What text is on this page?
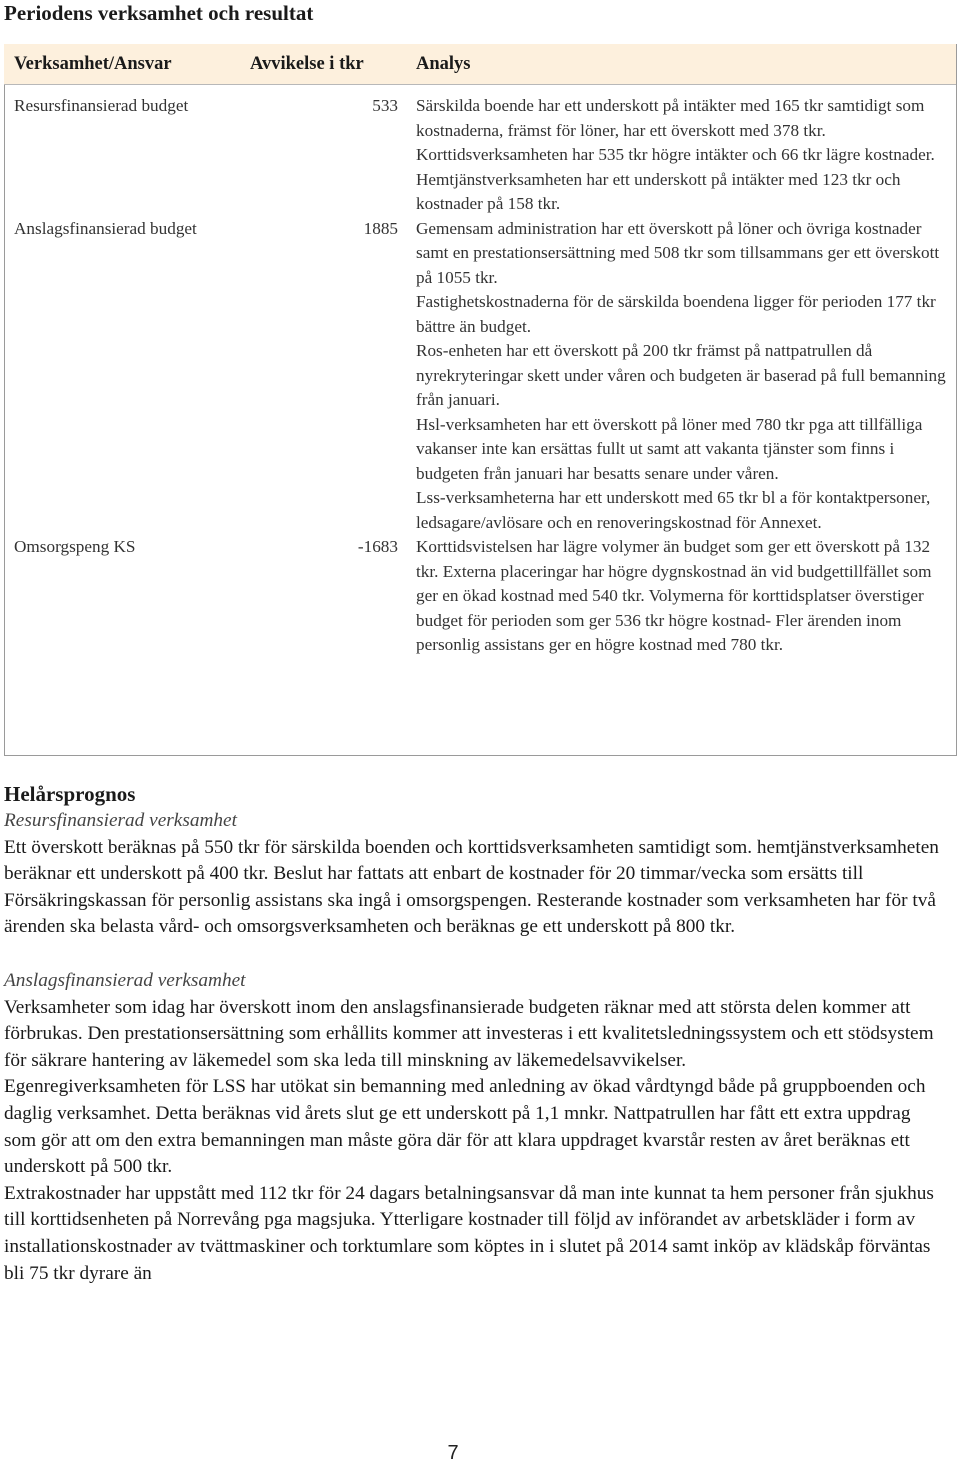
Periodens verksamhet och resultat
Verksamhet/Ansvar	Avvikelse i tkr	Analys
Resursfinansierad budget	533	Särskilda boende har ett underskott på intäkter med 165 tkr samtidigt som kostnaderna, främst för löner, har ett överskott med 378 tkr. Korttidsverksamheten har 535 tkr högre intäkter och 66 tkr lägre kostnader.

Hemtjänstverksamheten har ett underskott på intäkter med 123 tkr och kostnader på 158 tkr.

Anslagsfinansierad budget	1885	Gemensam administration har ett överskott på löner och övriga kostnader samt en prestationsersättning med 508 tkr som tillsammans ger ett överskott på 1055 tkr.

Fastighetskostnaderna för de särskilda boendena ligger för perioden 177 tkr bättre än budget.

Ros-enheten har ett överskott på 200 tkr främst på nattpatrullen då nyrekryteringar skett under våren och budgeten är baserad på full bemanning från januari.

Hsl-verksamheten har ett överskott på löner med 780 tkr pga att tillfälliga vakanser inte kan ersättas fullt ut samt att vakanta tjänster som finns i budgeten från januari har besatts senare under våren.

Lss-verksamheterna har ett underskott med 65 tkr bl a för kontaktpersoner, ledsagare/avlösare och en renoveringskostnad för Annexet.

Omsorgspeng KS	-1683	Korttidsvistelsen har lägre volymer än budget som ger ett överskott på 132 tkr. Externa placeringar har högre dygnskostnad än vid budgettillfället som ger en ökad kostnad med 540 tkr. Volymerna för korttidsplatser överstiger budget för perioden som ger 536 tkr högre kostnad- Fler ärenden inom personlig assistans ger en högre kostnad med 780 tkr.

Helårsprognos
Resursfinansierad verksamhet

Ett överskott beräknas på 550 tkr för särskilda boenden och korttidsverksamheten samtidigt som. hemtjänstverksamheten beräknar ett underskott på 400 tkr. Beslut har fattats att enbart de kostnader för 20 timmar/vecka som ersätts till Försäkringskassan för personlig assistans ska ingå i omsorgspengen. Resterande kostnader som verksamheten har för två ärenden ska belasta vård- och omsorgsverksamheten och beräknas ge ett underskott på 800 tkr.

Anslagsfinansierad verksamhet

Verksamheter som idag har överskott inom den anslagsfinansierade budgeten räknar med att största delen kommer att förbrukas. Den prestationsersättning som erhållits kommer att investeras i ett kvalitetsledningssystem och ett stödsystem för säkrare hantering av läkemedel som ska leda till minskning av läkemedelsavvikelser.

Egenregiverksamheten för LSS har utökat sin bemanning med anledning av ökad vårdtyngd både på gruppboenden och daglig verksamhet. Detta beräknas vid årets slut ge ett underskott på 1,1 mnkr. Nattpatrullen har fått ett extra uppdrag som gör att om den extra bemanningen man måste göra där för att klara uppdraget kvarstår resten av året beräknas ett underskott på 500 tkr.

Extrakostnader har uppstått med 112 tkr för 24 dagars betalningsansvar då man inte kunnat ta hem personer från sjukhus till korttidsenheten på Norrevång pga magsjuka. Ytterligare kostnader till följd av införandet av arbetskläder i form av installationskostnader av tvättmaskiner och torktumlare som köptes in i slutet på 2014 samt inköp av klädskåp förväntas bli 75 tkr dyrare än

7
